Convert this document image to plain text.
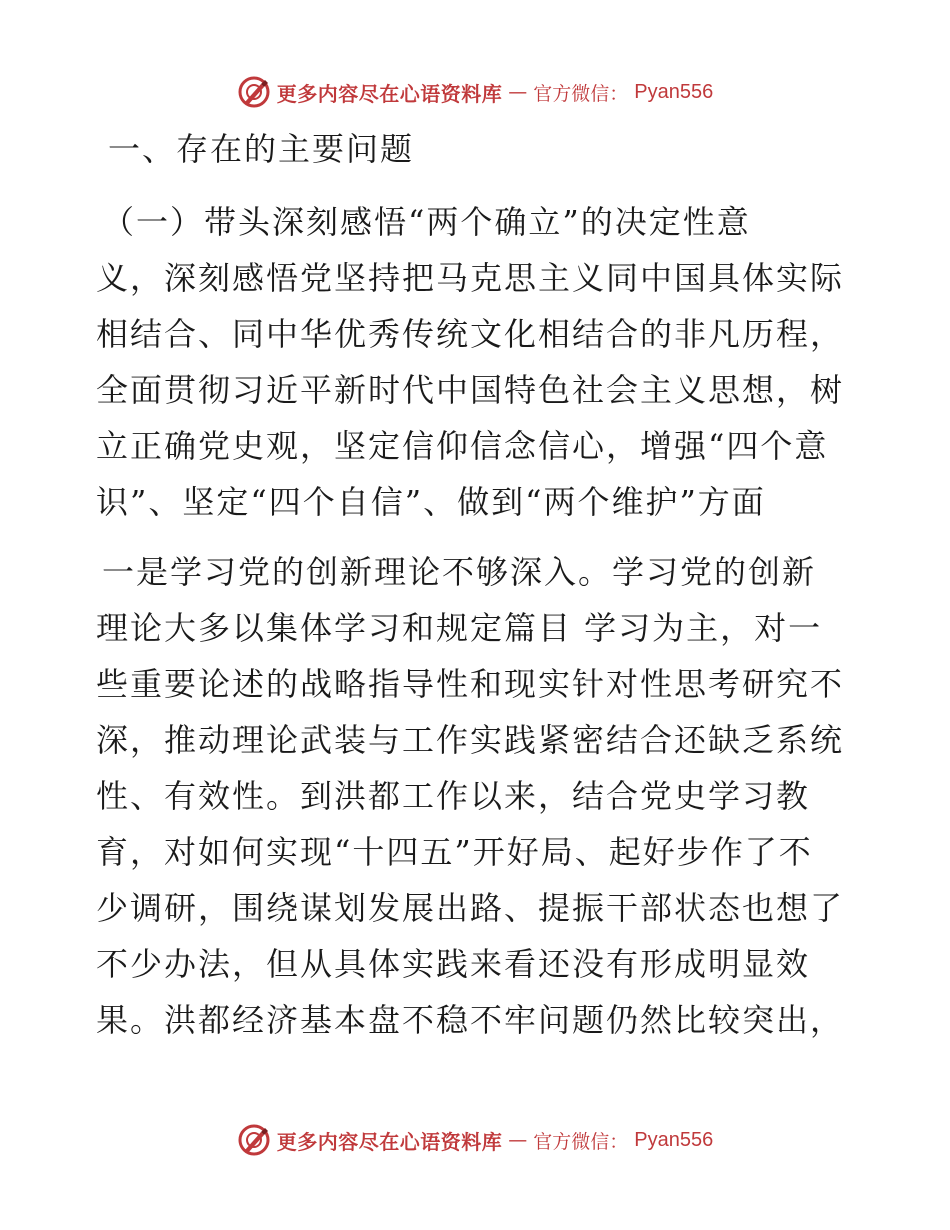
更多内容尽在心语资料库 — 官方微信： Pyan556
一、存在的主要问题
（一）带头深刻感悟“两个确立”的决定性意
义，深刻感悟党坚持把马克思主义同中国具体实际
相结合、同中华优秀传统文化相结合的非凡历程，
全面贯彻习近平新时代中国特色社会主义思想，树
立正确党史观，坚定信仰信念信心，增强“四个意
识”、坚定“四个自信”、做到“两个维护”方面
一是学习党的创新理论不够深入。学习党的创新
理论大多以集体学习和规定篇目 学习为主，对一
些重要论述的战略指导性和现实针对性思考研究不
深，推动理论武装与工作实践紧密结合还缺乏系统
性、有效性。到洪都工作以来，结合党史学习教
育，对如何实现“十四五”开好局、起好步作了不
少调研，围绕谋划发展出路、提振干部状态也想了
不少办法，但从具体实践来看还没有形成明显效
果。洪都经济基本盘不稳不牢问题仍然比较突出，
更多内容尽在心语资料库 — 官方微信： Pyan556
